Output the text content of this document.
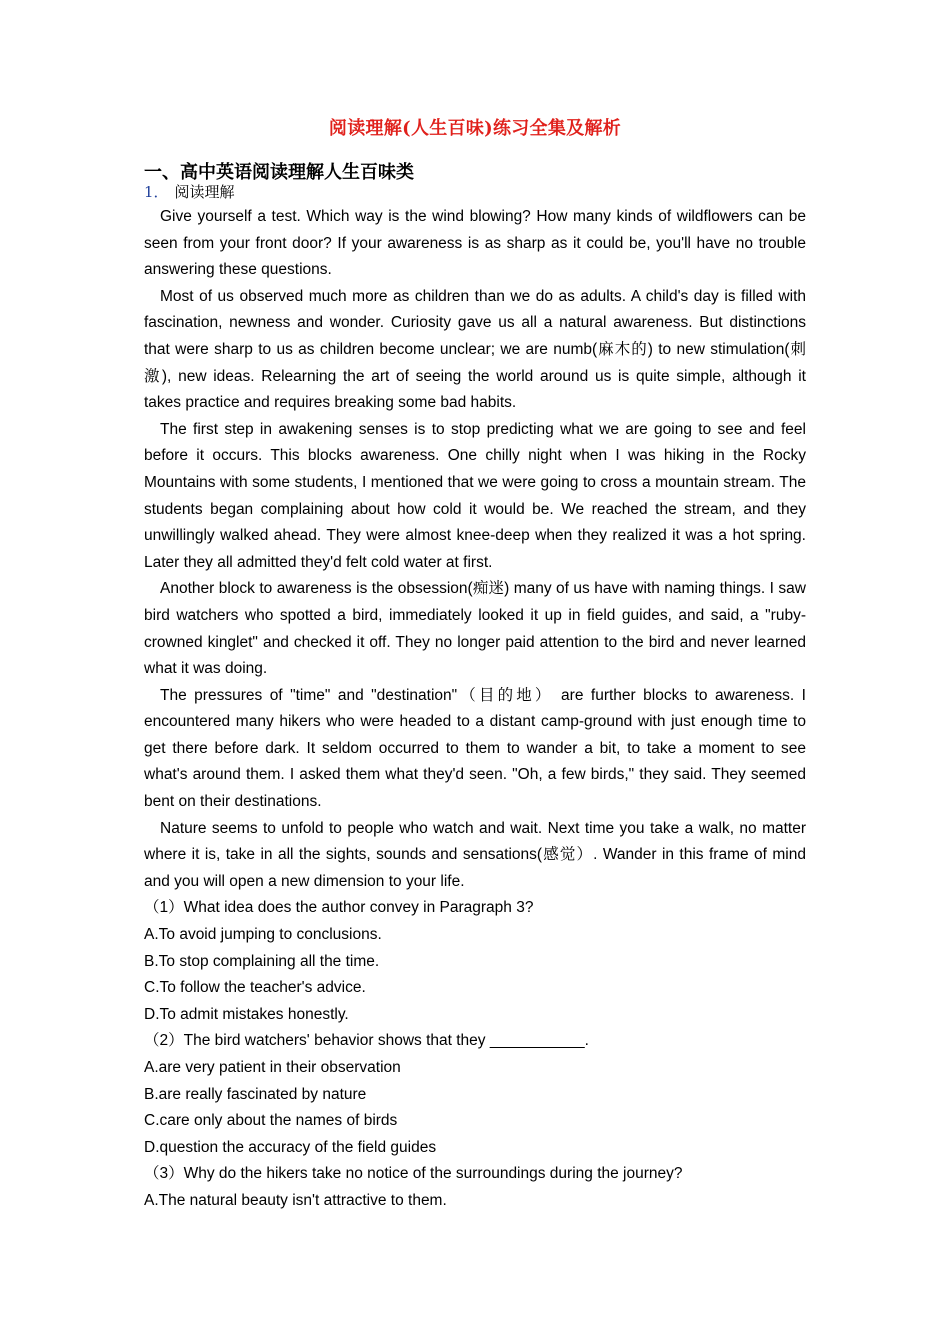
阅读理解(人生百味)练习全集及解析
一、高中英语阅读理解人生百味类
1． 阅读理解

Give yourself a test. Which way is the wind blowing? How many kinds of wildflowers can be seen from your front door? If your awareness is as sharp as it could be, you'll have no trouble answering these questions.

Most of us observed much more as children than we do as adults. A child's day is filled with fascination, newness and wonder. Curiosity gave us all a natural awareness. But distinctions that were sharp to us as children become unclear; we are numb(麻木的) to new stimulation(刺激), new ideas. Relearning the art of seeing the world around us is quite simple, although it takes practice and requires breaking some bad habits.

The first step in awakening senses is to stop predicting what we are going to see and feel before it occurs. This blocks awareness. One chilly night when I was hiking in the Rocky Mountains with some students, I mentioned that we were going to cross a mountain stream. The students began complaining about how cold it would be. We reached the stream, and they unwillingly walked ahead. They were almost knee-deep when they realized it was a hot spring. Later they all admitted they'd felt cold water at first.

Another block to awareness is the obsession(痴迷) many of us have with naming things. I saw bird watchers who spotted a bird, immediately looked it up in field guides, and said, a "ruby-crowned kinglet" and checked it off. They no longer paid attention to the bird and never learned what it was doing.

The pressures of "time" and "destination"（目的地） are further blocks to awareness. I encountered many hikers who were headed to a distant camp-ground with just enough time to get there before dark. It seldom occurred to them to wander a bit, to take a moment to see what's around them. I asked them what they'd seen. "Oh, a few birds," they said. They seemed bent on their destinations.

Nature seems to unfold to people who watch and wait. Next time you take a walk, no matter where it is, take in all the sights, sounds and sensations(感觉）. Wander in this frame of mind and you will open a new dimension to your life.

（1）What idea does the author convey in Paragraph 3?

A.To avoid jumping to conclusions.

B.To stop complaining all the time.

C.To follow the teacher's advice.

D.To admit mistakes honestly.

（2）The bird watchers' behavior shows that they ___________.

A.are very patient in their observation

B.are really fascinated by nature

C.care only about the names of birds

D.question the accuracy of the field guides

（3）Why do the hikers take no notice of the surroundings during the journey?

A.The natural beauty isn't attractive to them.
